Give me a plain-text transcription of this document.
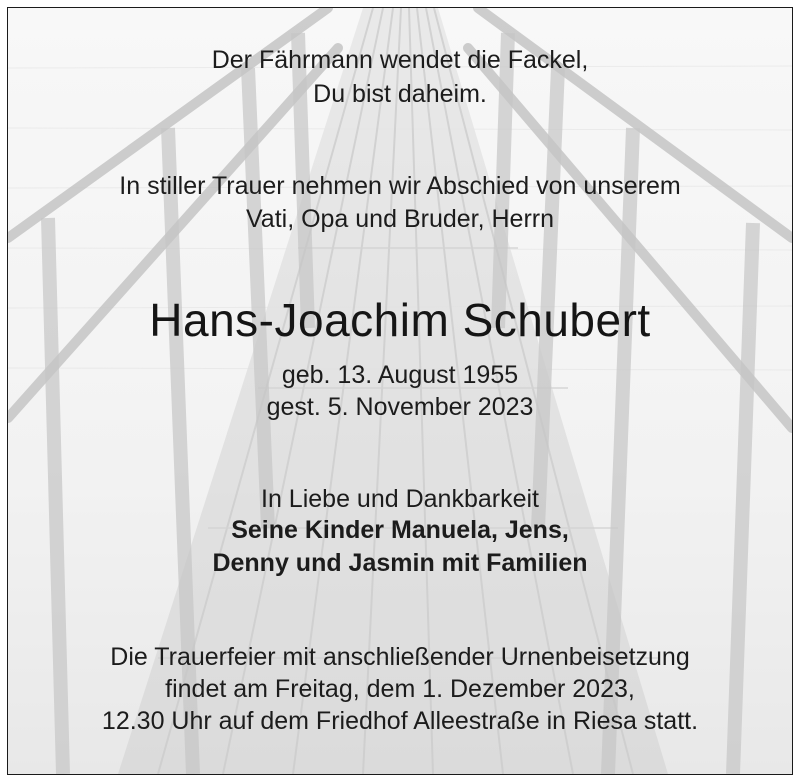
Der Fährmann wendet die Fackel,
Du bist daheim.
In stiller Trauer nehmen wir Abschied von unserem
Vati, Opa und Bruder, Herrn
Hans-Joachim Schubert
geb. 13. August 1955
gest. 5. November 2023
In Liebe und Dankbarkeit
Seine Kinder Manuela, Jens,
Denny und Jasmin mit Familien
Die Trauerfeier mit anschließender Urnenbeisetzung
findet am Freitag, dem 1. Dezember 2023,
12.30 Uhr auf dem Friedhof Alleestraße in Riesa statt.
